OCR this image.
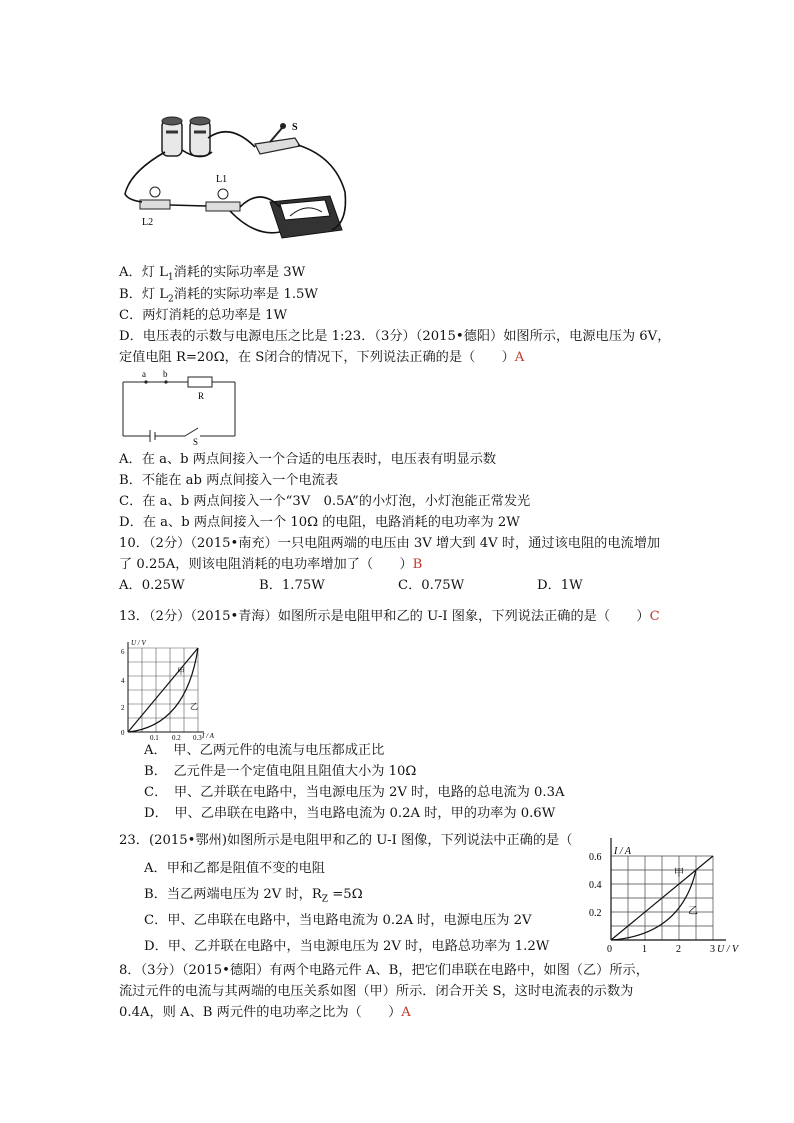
S
L1
L2
A．灯 $L_1$消耗的实际功率是 3W
B．灯 $L_2$消耗的实际功率是 1.5W
C．两灯消耗的总功率是 1W
D．电压表的示数与电源电压之比是 1:23．（3分）（2015•德阳）如图所示，电源电压为 6V，
定值电阻 R=20Ω，在 S闭合的情况下，下列说法正确的是（　　）A
a b
R
S
A．在 a、b 两点间接入一个合适的电压表时，电压表有明显示数
B．不能在 ab 两点间接入一个电流表
C．在 a、b 两点间接入一个“3V　0.5A”的小灯泡，小灯泡能正常发光
D．在 a、b 两点间接入一个 10Ω 的电阻，电路消耗的电功率为 2W
10．（2分）（2015•南充）一只电阻两端的电压由 3V 增大到 4V 时，通过该电阻的电流增加
了 0.25A，则该电阻消耗的电功率增加了（　　）B
A．0.25W	B．1.75W	C．0.75W	D．1W
13．（2分）（2015•青海）如图所示是电阻甲和乙的 U-I 图象，下列说法正确的是（　　）C
U / V
0
2
4
6
0.1 0.2 0.3 I / A
甲
乙
A．　甲、乙两元件的电流与电压都成正比
B．　乙元件是一个定值电阻且阻值大小为 10Ω
C．　甲、乙并联在电路中，当电源电压为 2V 时，电路的总电流为 0.3A
D．　甲、乙串联在电路中，当电路电流为 0.2A 时，甲的功率为 0.6W
23．(2015•鄂州)如图所示是电阻甲和乙的 U-I 图像，下列说法中正确的是（
A．甲和乙都是阻值不变的电阻
B．当乙两端电压为 2V 时，$R_Z =5\Omega$
C．甲、乙串联在电路中，当电路电流为 0.2A 时，电源电压为 2V
D．甲、乙并联在电路中，当电源电压为 2V 时，电路总功率为 1.2W
I / A
0.6
0.4
0.2
0	1	2	3 U / V
甲
乙
8．（3分）（2015•德阳）有两个电路元件 A、B，把它们串联在电路中，如图（乙）所示，
流过元件的电流与其两端的电压关系如图（甲）所示．闭合开关 S，这时电流表的示数为
0.4A，则 A、B 两元件的电功率之比为（　　）A
